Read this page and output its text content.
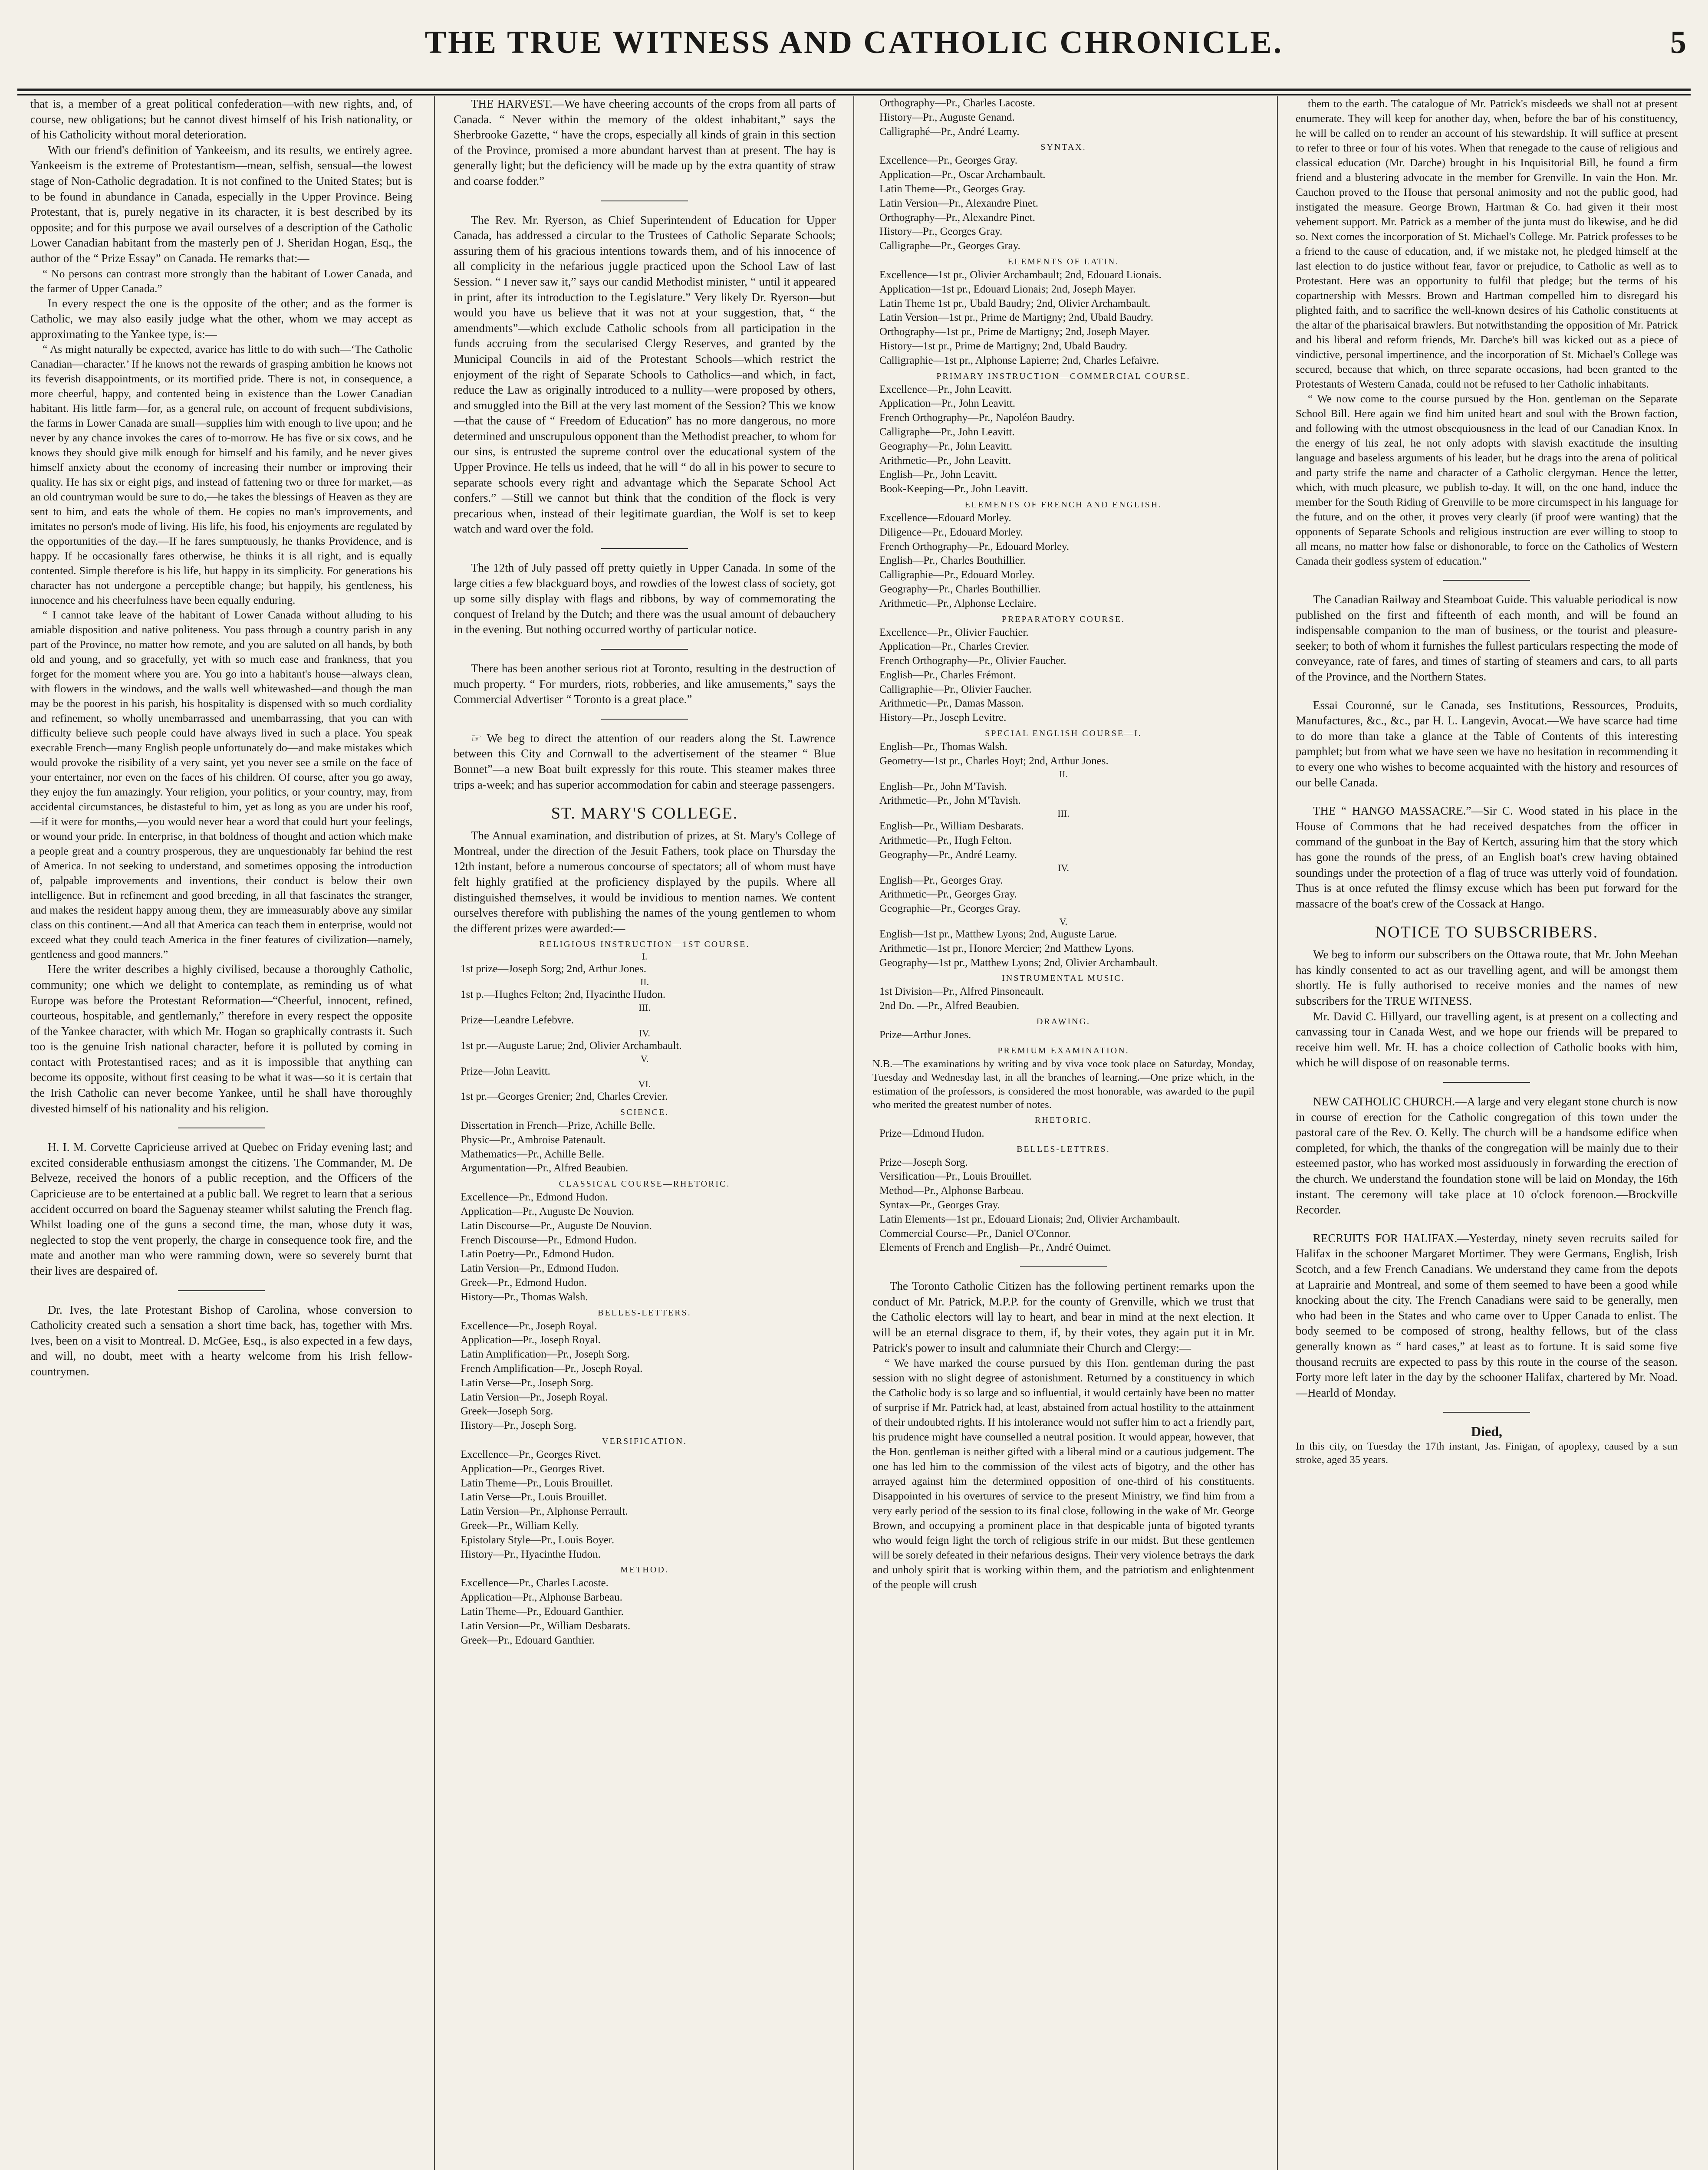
THE TRUE WITNESS AND CATHOLIC CHRONICLE.	5

that is, a member of a great political confederation—with new rights, and, of course, new obligations; but he cannot divest himself of his Irish nationality, or of his Catholicity without moral deterioration.

With our friend's definition of Yankeeism, and its results, we entirely agree. Yankeeism is the extreme of Protestantism—mean, selfish, sensual—the lowest stage of Non-Catholic degradation. It is not confined to the United States; but is to be found in abundance in Canada, especially in the Upper Province. Being Protestant, that is, purely negative in its character, it is best described by its opposite; and for this purpose we avail ourselves of a description of the Catholic Lower Canadian habitant from the masterly pen of J. Sheridan Hogan, Esq., the author of the “ Prize Essay” on Canada. He remarks that:—

“ No persons can contrast more strongly than the habitant of Lower Canada, and the farmer of Upper Canada.”

In every respect the one is the opposite of the other; and as the former is Catholic, we may also easily judge what the other, whom we may accept as approximating to the Yankee type, is:—

“ As might naturally be expected, avarice has little to do with such—‘The Catholic Canadian—character.’ If he knows not the rewards of grasping ambition he knows not its feverish disappointments, or its mortified pride. There is not, in consequence, a more cheerful, happy, and contented being in existence than the Lower Canadian habitant. His little farm—for, as a general rule, on account of frequent subdivisions, the farms in Lower Canada are small—supplies him with enough to live upon; and he never by any chance invokes the cares of to-morrow. He has five or six cows, and he knows they should give milk enough for himself and his family, and he never gives himself anxiety about the economy of increasing their number or improving their quality. He has six or eight pigs, and instead of fattening two or three for market,—as an old countryman would be sure to do,—he takes the blessings of Heaven as they are sent to him, and eats the whole of them. He copies no man's improvements, and imitates no person's mode of living. His life, his food, his enjoyments are regulated by the opportunities of the day.—If he fares sumptuously, he thanks Providence, and is happy. If he occasionally fares otherwise, he thinks it is all right, and is equally contented. Simple therefore is his life, but happy in its simplicity. For generations his character has not undergone a perceptible change; but happily, his gentleness, his innocence and his cheerfulness have been equally enduring.

“ I cannot take leave of the habitant of Lower Canada without alluding to his amiable disposition and native politeness. You pass through a country parish in any part of the Province, no matter how remote, and you are saluted on all hands, by both old and young, and so gracefully, yet with so much ease and frankness, that you forget for the moment where you are. You go into a habitant's house—always clean, with flowers in the windows, and the walls well whitewashed—and though the man may be the poorest in his parish, his hospitality is dispensed with so much cordiality and refinement, so wholly unembarrassed and unembarrassing, that you can with difficulty believe such people could have always lived in such a place. You speak execrable French—many English people unfortunately do—and make mistakes which would provoke the risibility of a very saint, yet you never see a smile on the face of your entertainer, nor even on the faces of his children. Of course, after you go away, they enjoy the fun amazingly. Your religion, your politics, or your country, may, from accidental circumstances, be distasteful to him, yet as long as you are under his roof,—if it were for months,—you would never hear a word that could hurt your feelings, or wound your pride. In enterprise, in that boldness of thought and action which make a people great and a country prosperous, they are unquestionably far behind the rest of America. In not seeking to understand, and sometimes opposing the introduction of, palpable improvements and inventions, their conduct is below their own intelligence. But in refinement and good breeding, in all that fascinates the stranger, and makes the resident happy among them, they are immeasurably above any similar class on this continent.—And all that America can teach them in enterprise, would not exceed what they could teach America in the finer features of civilization—namely, gentleness and good manners.”

Here the writer describes a highly civilised, because a thoroughly Catholic, community; one which we delight to contemplate, as reminding us of what Europe was before the Protestant Reformation—“Cheerful, innocent, refined, courteous, hospitable, and gentlemanly,” therefore in every respect the opposite of the Yankee character, with which Mr. Hogan so graphically contrasts it. Such too is the genuine Irish national character, before it is polluted by coming in contact with Protestantised races; and as it is impossible that anything can become its opposite, without first ceasing to be what it was—so it is certain that the Irish Catholic can never become Yankee, until he shall have thoroughly divested himself of his nationality and his religion.

H. I. M. Corvette Capricieuse arrived at Quebec on Friday evening last; and excited considerable enthusiasm amongst the citizens. The Commander, M. De Belveze, received the honors of a public reception, and the Officers of the Capricieuse are to be entertained at a public ball. We regret to learn that a serious accident occurred on board the Saguenay steamer whilst saluting the French flag. Whilst loading one of the guns a second time, the man, whose duty it was, neglected to stop the vent properly, the charge in consequence took fire, and the mate and another man who were ramming down, were so severely burnt that their lives are despaired of.

Dr. Ives, the late Protestant Bishop of Carolina, whose conversion to Catholicity created such a sensation a short time back, has, together with Mrs. Ives, been on a visit to Montreal. D. McGee, Esq., is also expected in a few days, and will, no doubt, meet with a hearty welcome from his Irish fellow-countrymen.

THE HARVEST.—We have cheering accounts of the crops from all parts of Canada. “ Never within the memory of the oldest inhabitant,” says the Sherbrooke Gazette, “ have the crops, especially all kinds of grain in this section of the Province, promised a more abundant harvest than at present. The hay is generally light; but the deficiency will be made up by the extra quantity of straw and coarse fodder.”

The Rev. Mr. Ryerson, as Chief Superintendent of Education for Upper Canada, has addressed a circular to the Trustees of Catholic Separate Schools; assuring them of his gracious intentions towards them, and of his innocence of all complicity in the nefarious juggle practiced upon the School Law of last Session. “ I never saw it,” says our candid Methodist minister, “ until it appeared in print, after its introduction to the Legislature.” Very likely Dr. Ryerson—but would you have us believe that it was not at your suggestion, that, “ the amendments”—which exclude Catholic schools from all participation in the funds accruing from the secularised Clergy Reserves, and granted by the Municipal Councils in aid of the Protestant Schools—which restrict the enjoyment of the right of Separate Schools to Catholics—and which, in fact, reduce the Law as originally introduced to a nullity—were proposed by others, and smuggled into the Bill at the very last moment of the Session? This we know—that the cause of “ Freedom of Education” has no more dangerous, no more determined and unscrupulous opponent than the Methodist preacher, to whom for our sins, is entrusted the supreme control over the educational system of the Upper Province. He tells us indeed, that he will “ do all in his power to secure to separate schools every right and advantage which the Separate School Act confers.” —Still we cannot but think that the condition of the flock is very precarious when, instead of their legitimate guardian, the Wolf is set to keep watch and ward over the fold.

The 12th of July passed off pretty quietly in Upper Canada. In some of the large cities a few blackguard boys, and rowdies of the lowest class of society, got up some silly display with flags and ribbons, by way of commemorating the conquest of Ireland by the Dutch; and there was the usual amount of debauchery in the evening. But nothing occurred worthy of particular notice.

There has been another serious riot at Toronto, resulting in the destruction of much property. “ For murders, riots, robberies, and like amusements,” says the Commercial Advertiser “ Toronto is a great place.”

☞ We beg to direct the attention of our readers along the St. Lawrence between this City and Cornwall to the advertisement of the steamer “ Blue Bonnet”—a new Boat built expressly for this route. This steamer makes three trips a-week; and has superior accommodation for cabin and steerage passengers.

ST. MARY'S COLLEGE.

The Annual examination, and distribution of prizes, at St. Mary's College of Montreal, under the direction of the Jesuit Fathers, took place on Thursday the 12th instant, before a numerous concourse of spectators; all of whom must have felt highly gratified at the proficiency displayed by the pupils. Where all distinguished themselves, it would be invidious to mention names. We content ourselves therefore with publishing the names of the young gentlemen to whom the different prizes were awarded:—

RELIGIOUS INSTRUCTION—1ST COURSE.

I.

1st prize—Joseph Sorg; 2nd, Arthur Jones.

II.

1st p.—Hughes Felton; 2nd, Hyacinthe Hudon.

III.

Prize—Leandre Lefebvre.

IV.

1st pr.—Auguste Larue; 2nd, Olivier Archambault.

V.

Prize—John Leavitt.

VI.

1st pr.—Georges Grenier; 2nd, Charles Crevier.

SCIENCE.

Dissertation in French—Prize, Achille Belle.

Physic—Pr., Ambroise Patenault.

Mathematics—Pr., Achille Belle.

Argumentation—Pr., Alfred Beaubien.

CLASSICAL COURSE—RHETORIC.

Excellence—Pr., Edmond Hudon.

Application—Pr., Auguste De Nouvion.

Latin Discourse—Pr., Auguste De Nouvion.

French Discourse—Pr., Edmond Hudon.

Latin Poetry—Pr., Edmond Hudon.

Latin Version—Pr., Edmond Hudon.

Greek—Pr., Edmond Hudon.

History—Pr., Thomas Walsh.

BELLES-LETTERS.

Excellence—Pr., Joseph Royal.

Application—Pr., Joseph Royal.

Latin Amplification—Pr., Joseph Sorg.

French Amplification—Pr., Joseph Royal.

Latin Verse—Pr., Joseph Sorg.

Latin Version—Pr., Joseph Royal.

Greek—Joseph Sorg.

History—Pr., Joseph Sorg.

VERSIFICATION.

Excellence—Pr., Georges Rivet.

Application—Pr., Georges Rivet.

Latin Theme—Pr., Louis Brouillet.

Latin Verse—Pr., Louis Brouillet.

Latin Version—Pr., Alphonse Perrault.

Greek—Pr., William Kelly.

Epistolary Style—Pr., Louis Boyer.

History—Pr., Hyacinthe Hudon.

METHOD.

Excellence—Pr., Charles Lacoste.

Application—Pr., Alphonse Barbeau.

Latin Theme—Pr., Edouard Ganthier.

Latin Version—Pr., William Desbarats.

Greek—Pr., Edouard Ganthier.

Orthography—Pr., Charles Lacoste.

History—Pr., Auguste Genand.

Calligraphé—Pr., André Leamy.

SYNTAX.

Excellence—Pr., Georges Gray.

Application—Pr., Oscar Archambault.

Latin Theme—Pr., Georges Gray.

Latin Version—Pr., Alexandre Pinet.

Orthography—Pr., Alexandre Pinet.

History—Pr., Georges Gray.

Calligraphe—Pr., Georges Gray.

ELEMENTS OF LATIN.

Excellence—1st pr., Olivier Archambault; 2nd, Edouard Lionais.

Application—1st pr., Edouard Lionais; 2nd, Joseph Mayer.

Latin Theme 1st pr., Ubald Baudry; 2nd, Olivier Archambault.

Latin Version—1st pr., Prime de Martigny; 2nd, Ubald Baudry.

Orthography—1st pr., Prime de Martigny; 2nd, Joseph Mayer.

History—1st pr., Prime de Martigny; 2nd, Ubald Baudry.

Calligraphie—1st pr., Alphonse Lapierre; 2nd, Charles Lefaivre.

PRIMARY INSTRUCTION—COMMERCIAL COURSE.

Excellence—Pr., John Leavitt.

Application—Pr., John Leavitt.

French Orthography—Pr., Napoléon Baudry.

Calligraphe—Pr., John Leavitt.

Geography—Pr., John Leavitt.

Arithmetic—Pr., John Leavitt.

English—Pr., John Leavitt.

Book-Keeping—Pr., John Leavitt.

ELEMENTS OF FRENCH AND ENGLISH.

Excellence—Edouard Morley.

Diligence—Pr., Edouard Morley.

French Orthography—Pr., Edouard Morley.

English—Pr., Charles Bouthillier.

Calligraphie—Pr., Edouard Morley.

Geography—Pr., Charles Bouthillier.

Arithmetic—Pr., Alphonse Leclaire.

PREPARATORY COURSE.

Excellence—Pr., Olivier Fauchier.

Application—Pr., Charles Crevier.

French Orthography—Pr., Olivier Faucher.

English—Pr., Charles Frémont.

Calligraphie—Pr., Olivier Faucher.

Arithmetic—Pr., Damas Masson.

History—Pr., Joseph Levitre.

SPECIAL ENGLISH COURSE—I.

English—Pr., Thomas Walsh.

Geometry—1st pr., Charles Hoyt; 2nd, Arthur Jones.

II.

English—Pr., John M'Tavish.

Arithmetic—Pr., John M'Tavish.

III.

English—Pr., William Desbarats.

Arithmetic—Pr., Hugh Felton.

Geography—Pr., André Leamy.

IV.

English—Pr., Georges Gray.

Arithmetic—Pr., Georges Gray.

Geographie—Pr., Georges Gray.

V.

English—1st pr., Matthew Lyons; 2nd, Auguste Larue.

Arithmetic—1st pr., Honore Mercier; 2nd Matthew Lyons.

Geography—1st pr., Matthew Lyons; 2nd, Olivier Archambault.

INSTRUMENTAL MUSIC.

1st Division—Pr., Alfred Pinsoneault.

2nd Do. —Pr., Alfred Beaubien.

DRAWING.

Prize—Arthur Jones.

PREMIUM EXAMINATION.

N.B.—The examinations by writing and by viva voce took place on Saturday, Monday, Tuesday and Wednesday last, in all the branches of learning.—One prize which, in the estimation of the professors, is considered the most honorable, was awarded to the pupil who merited the greatest number of notes.

RHETORIC.

Prize—Edmond Hudon.

BELLES-LETTRES.

Prize—Joseph Sorg.

Versification—Pr., Louis Brouillet.

Method—Pr., Alphonse Barbeau.

Syntax—Pr., Georges Gray.

Latin Elements—1st pr., Edouard Lionais; 2nd, Olivier Archambault.

Commercial Course—Pr., Daniel O'Connor.

Elements of French and English—Pr., André Ouimet.

The Toronto Catholic Citizen has the following pertinent remarks upon the conduct of Mr. Patrick, M.P.P. for the county of Grenville, which we trust that the Catholic electors will lay to heart, and bear in mind at the next election. It will be an eternal disgrace to them, if, by their votes, they again put it in Mr. Patrick's power to insult and calumniate their Church and Clergy:—

“ We have marked the course pursued by this Hon. gentleman during the past session with no slight degree of astonishment. Returned by a constituency in which the Catholic body is so large and so influential, it would certainly have been no matter of surprise if Mr. Patrick had, at least, abstained from actual hostility to the attainment of their undoubted rights. If his intolerance would not suffer him to act a friendly part, his prudence might have counselled a neutral position. It would appear, however, that the Hon. gentleman is neither gifted with a liberal mind or a cautious judgement. The one has led him to the commission of the vilest acts of bigotry, and the other has arrayed against him the determined opposition of one-third of his constituents. Disappointed in his overtures of service to the present Ministry, we find him from a very early period of the session to its final close, following in the wake of Mr. George Brown, and occupying a prominent place in that despicable junta of bigoted tyrants who would feign light the torch of religious strife in our midst. But these gentlemen will be sorely defeated in their nefarious designs. Their very violence betrays the dark and unholy spirit that is working within them, and the patriotism and enlightenment of the people will crush

them to the earth. The catalogue of Mr. Patrick's misdeeds we shall not at present enumerate. They will keep for another day, when, before the bar of his constituency, he will be called on to render an account of his stewardship. It will suffice at present to refer to three or four of his votes. When that renegade to the cause of religious and classical education (Mr. Darche) brought in his Inquisitorial Bill, he found a firm friend and a blustering advocate in the member for Grenville. In vain the Hon. Mr. Cauchon proved to the House that personal animosity and not the public good, had instigated the measure. George Brown, Hartman & Co. had given it their most vehement support. Mr. Patrick as a member of the junta must do likewise, and he did so. Next comes the incorporation of St. Michael's College. Mr. Patrick professes to be a friend to the cause of education, and, if we mistake not, he pledged himself at the last election to do justice without fear, favor or prejudice, to Catholic as well as to Protestant. Here was an opportunity to fulfil that pledge; but the terms of his copartnership with Messrs. Brown and Hartman compelled him to disregard his plighted faith, and to sacrifice the well-known desires of his Catholic constituents at the altar of the pharisaical brawlers. But notwithstanding the opposition of Mr. Patrick and his liberal and reform friends, Mr. Darche's bill was kicked out as a piece of vindictive, personal impertinence, and the incorporation of St. Michael's College was secured, because that which, on three separate occasions, had been granted to the Protestants of Western Canada, could not be refused to her Catholic inhabitants.

“ We now come to the course pursued by the Hon. gentleman on the Separate School Bill. Here again we find him united heart and soul with the Brown faction, and following with the utmost obsequiousness in the lead of our Canadian Knox. In the energy of his zeal, he not only adopts with slavish exactitude the insulting language and baseless arguments of his leader, but he drags into the arena of political and party strife the name and character of a Catholic clergyman. Hence the letter, which, with much pleasure, we publish to-day. It will, on the one hand, induce the member for the South Riding of Grenville to be more circumspect in his language for the future, and on the other, it proves very clearly (if proof were wanting) that the opponents of Separate Schools and religious instruction are ever willing to stoop to all means, no matter how false or dishonorable, to force on the Catholics of Western Canada their godless system of education.”

The Canadian Railway and Steamboat Guide. This valuable periodical is now published on the first and fifteenth of each month, and will be found an indispensable companion to the man of business, or the tourist and pleasure-seeker; to both of whom it furnishes the fullest particulars respecting the mode of conveyance, rate of fares, and times of starting of steamers and cars, to all parts of the Province, and the Northern States.

Essai Couronné, sur le Canada, ses Institutions, Ressources, Produits, Manufactures, &c., &c., par H. L. Langevin, Avocat.—We have scarce had time to do more than take a glance at the Table of Contents of this interesting pamphlet; but from what we have seen we have no hesitation in recommending it to every one who wishes to become acquainted with the history and resources of our belle Canada.

THE “ HANGO MASSACRE.”—Sir C. Wood stated in his place in the House of Commons that he had received despatches from the officer in command of the gunboat in the Bay of Kertch, assuring him that the story which has gone the rounds of the press, of an English boat's crew having obtained soundings under the protection of a flag of truce was utterly void of foundation. Thus is at once refuted the flimsy excuse which has been put forward for the massacre of the boat's crew of the Cossack at Hango.

NOTICE TO SUBSCRIBERS.

We beg to inform our subscribers on the Ottawa route, that Mr. John Meehan has kindly consented to act as our travelling agent, and will be amongst them shortly. He is fully authorised to receive monies and the names of new subscribers for the TRUE WITNESS.

Mr. David C. Hillyard, our travelling agent, is at present on a collecting and canvassing tour in Canada West, and we hope our friends will be prepared to receive him well. Mr. H. has a choice collection of Catholic books with him, which he will dispose of on reasonable terms.

NEW CATHOLIC CHURCH.—A large and very elegant stone church is now in course of erection for the Catholic congregation of this town under the pastoral care of the Rev. O. Kelly. The church will be a handsome edifice when completed, for which, the thanks of the congregation will be mainly due to their esteemed pastor, who has worked most assiduously in forwarding the erection of the church. We understand the foundation stone will be laid on Monday, the 16th instant. The ceremony will take place at 10 o'clock forenoon.—Brockville Recorder.

RECRUITS FOR HALIFAX.—Yesterday, ninety seven recruits sailed for Halifax in the schooner Margaret Mortimer. They were Germans, English, Irish Scotch, and a few French Canadians. We understand they came from the depots at Laprairie and Montreal, and some of them seemed to have been a good while knocking about the city. The French Canadians were said to be generally, men who had been in the States and who came over to Upper Canada to enlist. The body seemed to be composed of strong, healthy fellows, but of the class generally known as “ hard cases,” at least as to fortune. It is said some five thousand recruits are expected to pass by this route in the course of the season. Forty more left later in the day by the schooner Halifax, chartered by Mr. Noad. —Hearld of Monday.

Died,

In this city, on Tuesday the 17th instant, Jas. Finigan, of apoplexy, caused by a sun stroke, aged 35 years.
